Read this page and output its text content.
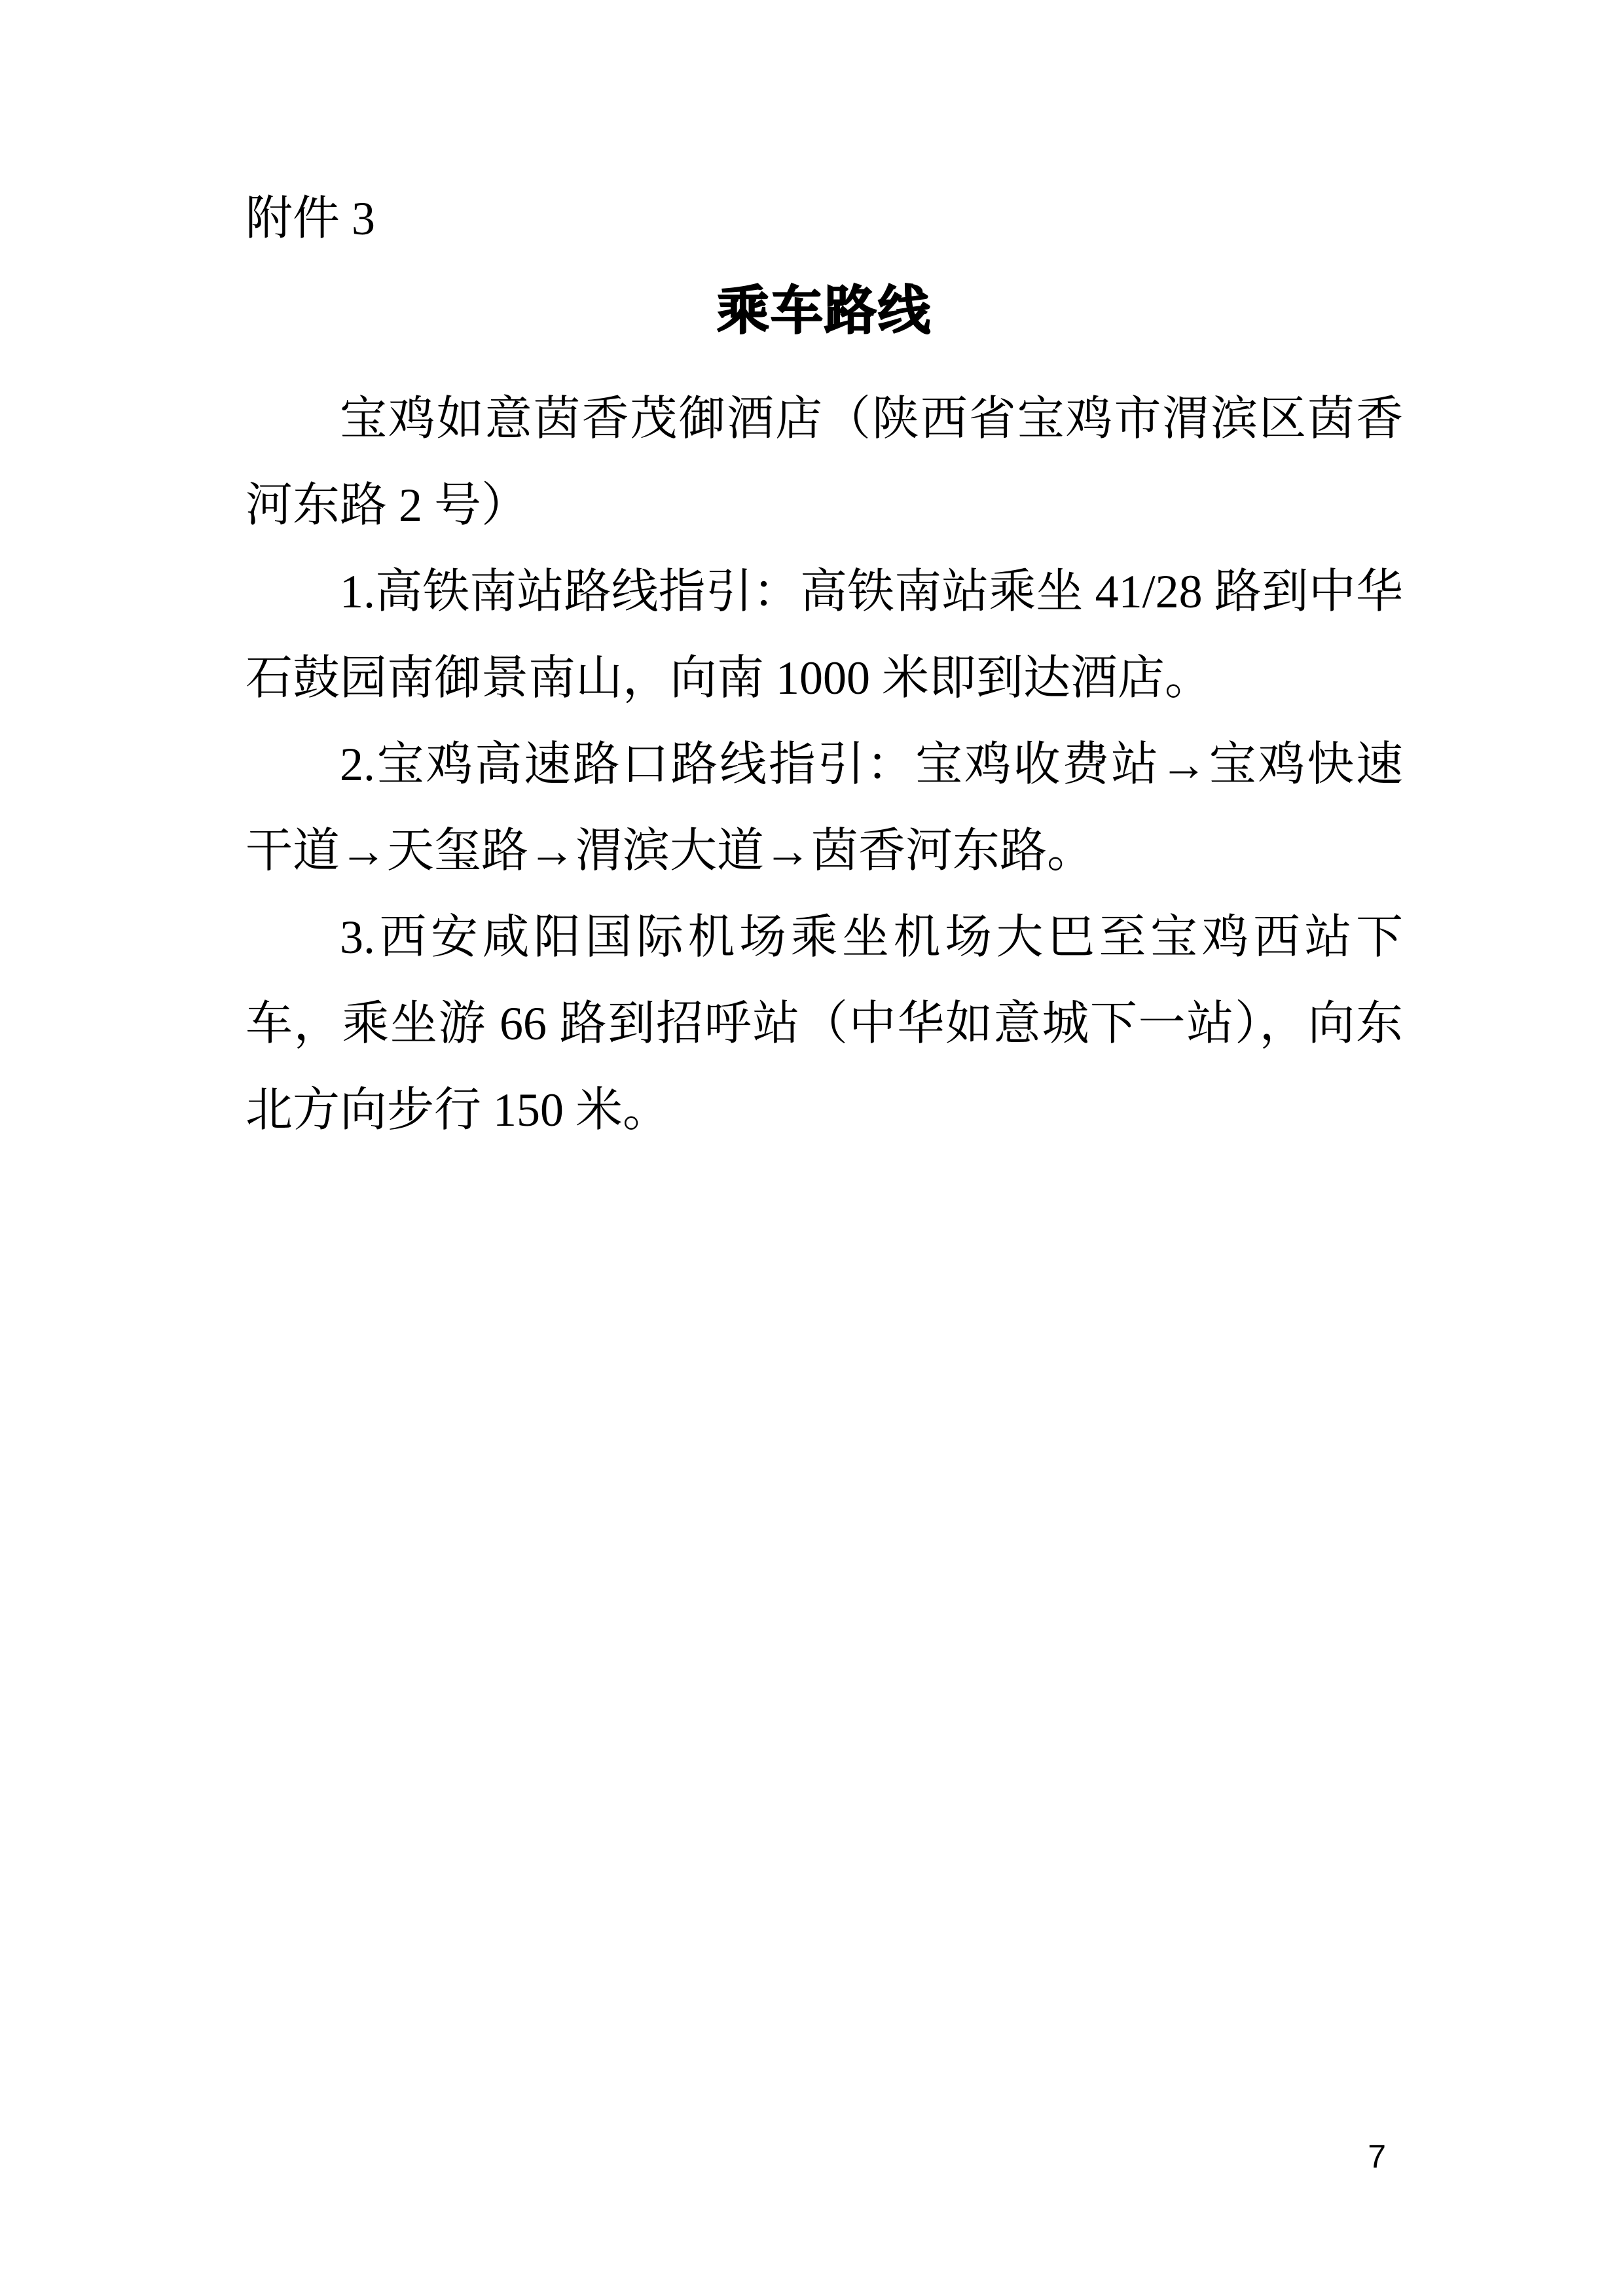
附件 3
乘车路线

宝鸡如意茵香茂御酒店（陕西省宝鸡市渭滨区茵香河东路 2 号）

1.高铁南站路线指引：高铁南站乘坐 41/28 路到中华石鼓园南御景南山，向南 1000 米即到达酒店。

2.宝鸡高速路口路线指引：宝鸡收费站→宝鸡快速干道→天玺路→渭滨大道→茵香河东路。

3.西安咸阳国际机场乘坐机场大巴至宝鸡西站下车，乘坐游 66 路到招呼站（中华如意城下一站），向东北方向步行 150 米。

7
